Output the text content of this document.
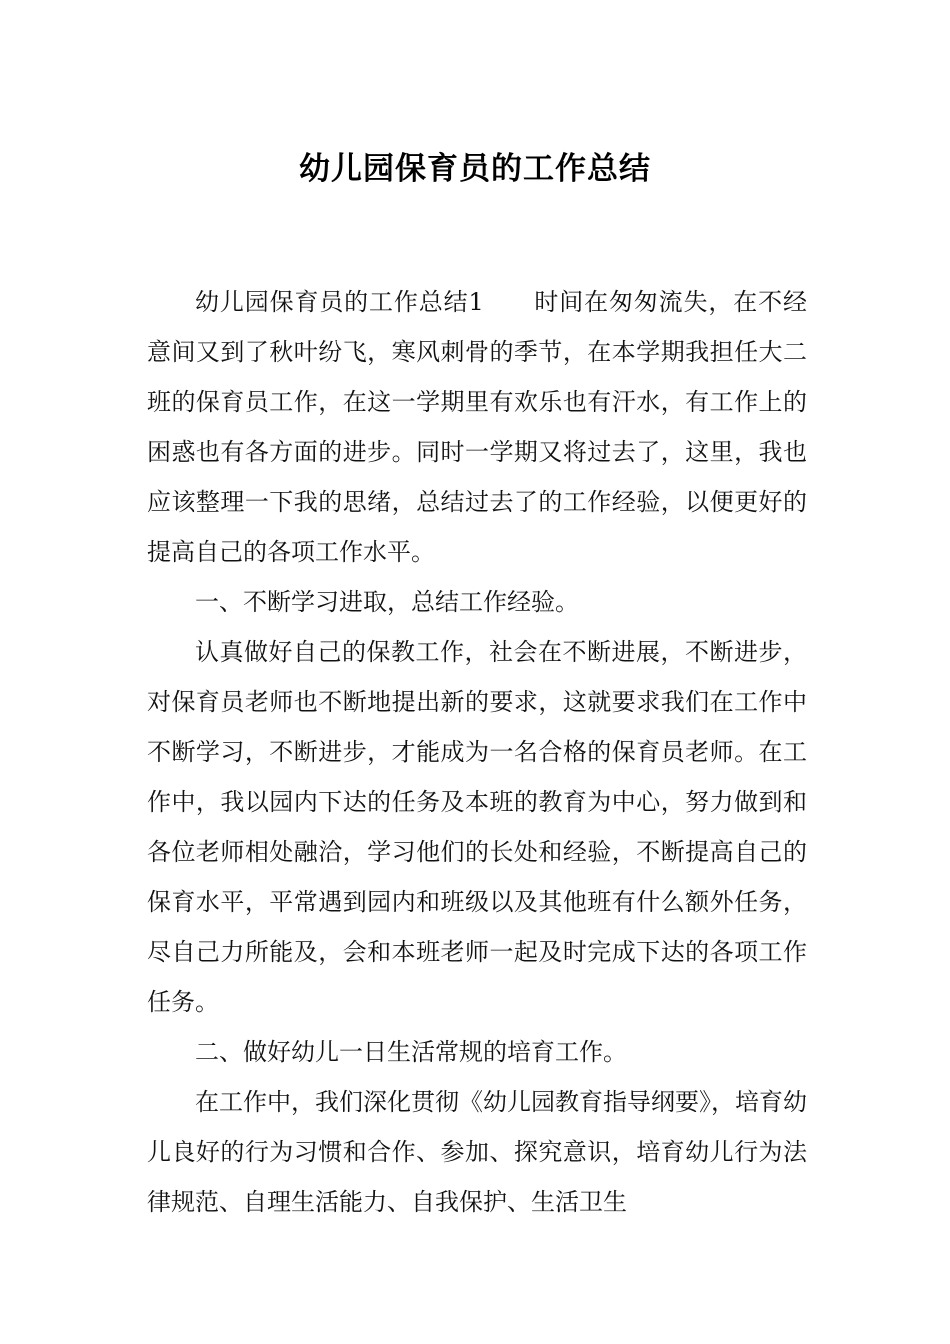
幼儿园保育员的工作总结

幼儿园保育员的工作总结1　　时间在匆匆流失，在不经意间又到了秋叶纷飞，寒风刺骨的季节，在本学期我担任大二班的保育员工作，在这一学期里有欢乐也有汗水，有工作上的困惑也有各方面的进步。同时一学期又将过去了，这里，我也应该整理一下我的思绪，总结过去了的工作经验，以便更好的提高自己的各项工作水平。

一、不断学习进取，总结工作经验。

认真做好自己的保教工作，社会在不断进展，不断进步，对保育员老师也不断地提出新的要求，这就要求我们在工作中不断学习，不断进步，才能成为一名合格的保育员老师。在工作中，我以园内下达的任务及本班的教育为中心，努力做到和各位老师相处融洽，学习他们的长处和经验，不断提高自己的保育水平，平常遇到园内和班级以及其他班有什么额外任务，尽自己力所能及，会和本班老师一起及时完成下达的各项工作任务。

二、做好幼儿一日生活常规的培育工作。

在工作中，我们深化贯彻《幼儿园教育指导纲要》，培育幼儿良好的行为习惯和合作、参加、探究意识，培育幼儿行为法律规范、自理生活能力、自我保护、生活卫生
